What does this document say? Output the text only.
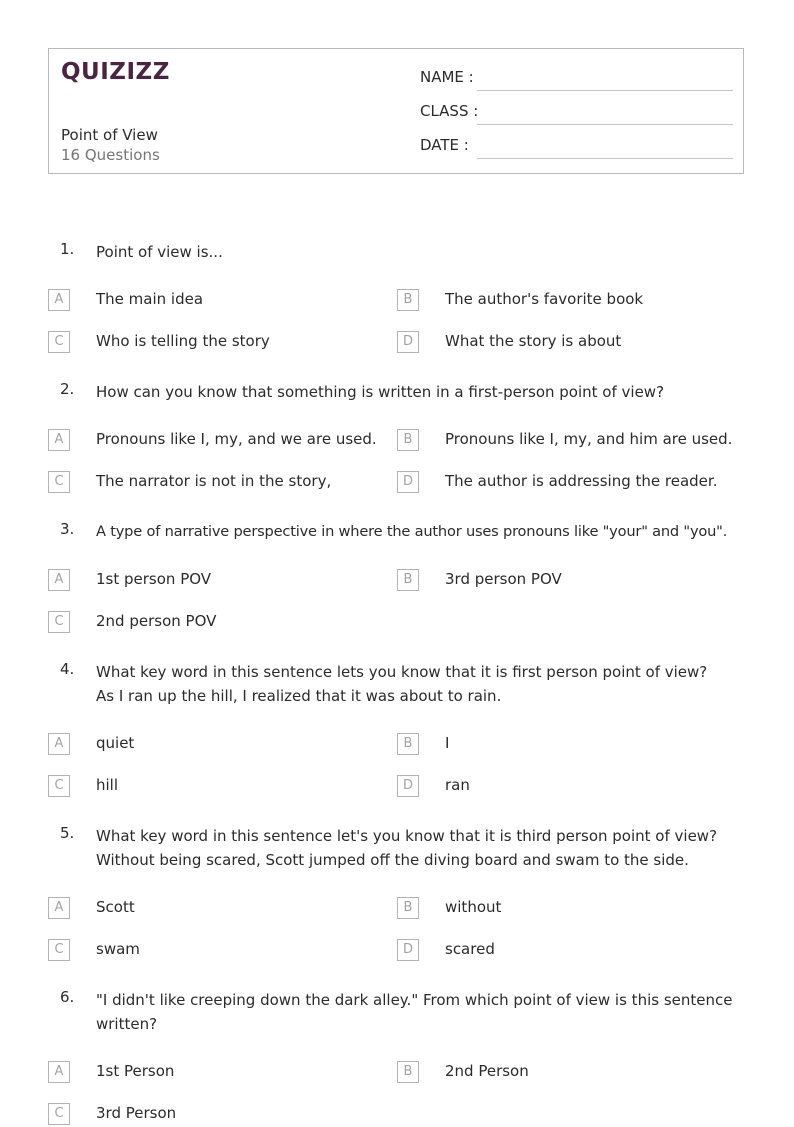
QUIZIZZ
Point of View
16 Questions
NAME :
CLASS :
DATE :
1. Point of view is...
A	The main idea	B	The author's favorite book
C	Who is telling the story	D	What the story is about
2. How can you know that something is written in a first-person point of view?
A	Pronouns like I, my, and we are used.	B	Pronouns like I, my, and him are used.
C	The narrator is not in the story,	D	The author is addressing the reader.
3. A type of narrative perspective in where the author uses pronouns like "your" and "you".
A	1st person POV	B	3rd person POV
C	2nd person POV
4. What key word in this sentence lets you know that it is first person point of view?
As I ran up the hill, I realized that it was about to rain.
A	quiet	B	I
C	hill	D	ran
5. What key word in this sentence let's you know that it is third person point of view?
Without being scared, Scott jumped off the diving board and swam to the side.
A	Scott	B	without
C	swam	D	scared
6. "I didn't like creeping down the dark alley." From which point of view is this sentence
written?
A	1st Person	B	2nd Person
C	3rd Person
